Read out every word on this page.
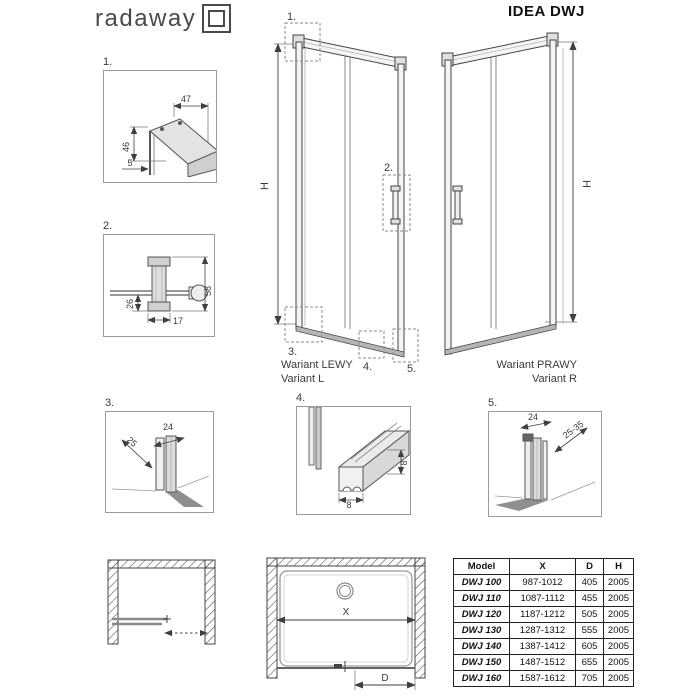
radaway	IDEA DWJ
1.
47
46
5
2.
26
17
58
H
1.
2.
3.
4.	5.
Wariant LEWY
Variant L
H
Wariant PRAWY
Variant R
3.
24
25
4.
8
8
5.
24
25-35
X
D
Model	X	D	H
DWJ 100	987-1012	405	2005
DWJ 110	1087-1112	455	2005
DWJ 120	1187-1212	505	2005
DWJ 130	1287-1312	555	2005
DWJ 140	1387-1412	605	2005
DWJ 150	1487-1512	655	2005
DWJ 160	1587-1612	705	2005
